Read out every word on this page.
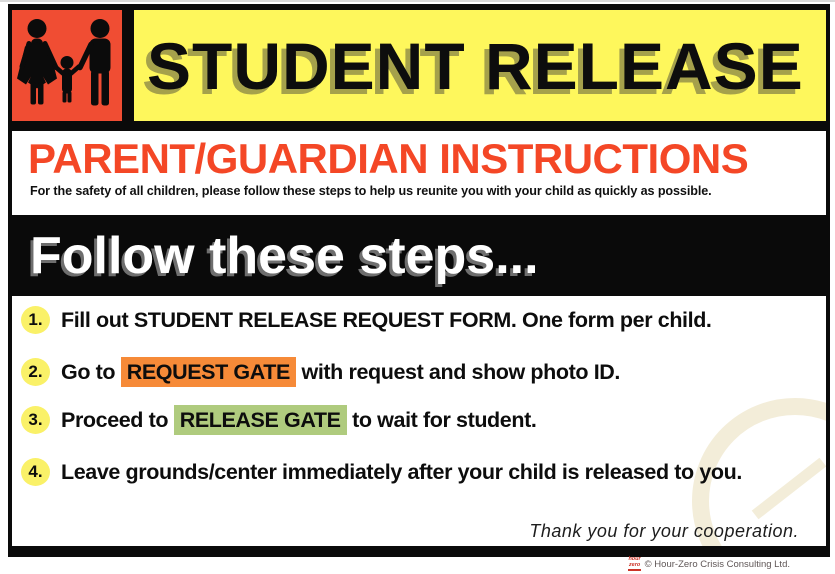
STUDENT RELEASE
PARENT/GUARDIAN INSTRUCTIONS

For the safety of all children, please follow these steps to help us reunite you with your child as quickly as possible.

Follow these steps...
1. Fill out STUDENT RELEASE REQUEST FORM. One form per child.
2. Go to REQUEST GATE with request and show photo ID.
3. Proceed to RELEASE GATE to wait for student.
4. Leave grounds/center immediately after your child is released to you.
Thank you for your cooperation.
hour
zero © Hour-Zero Crisis Consulting Ltd.
